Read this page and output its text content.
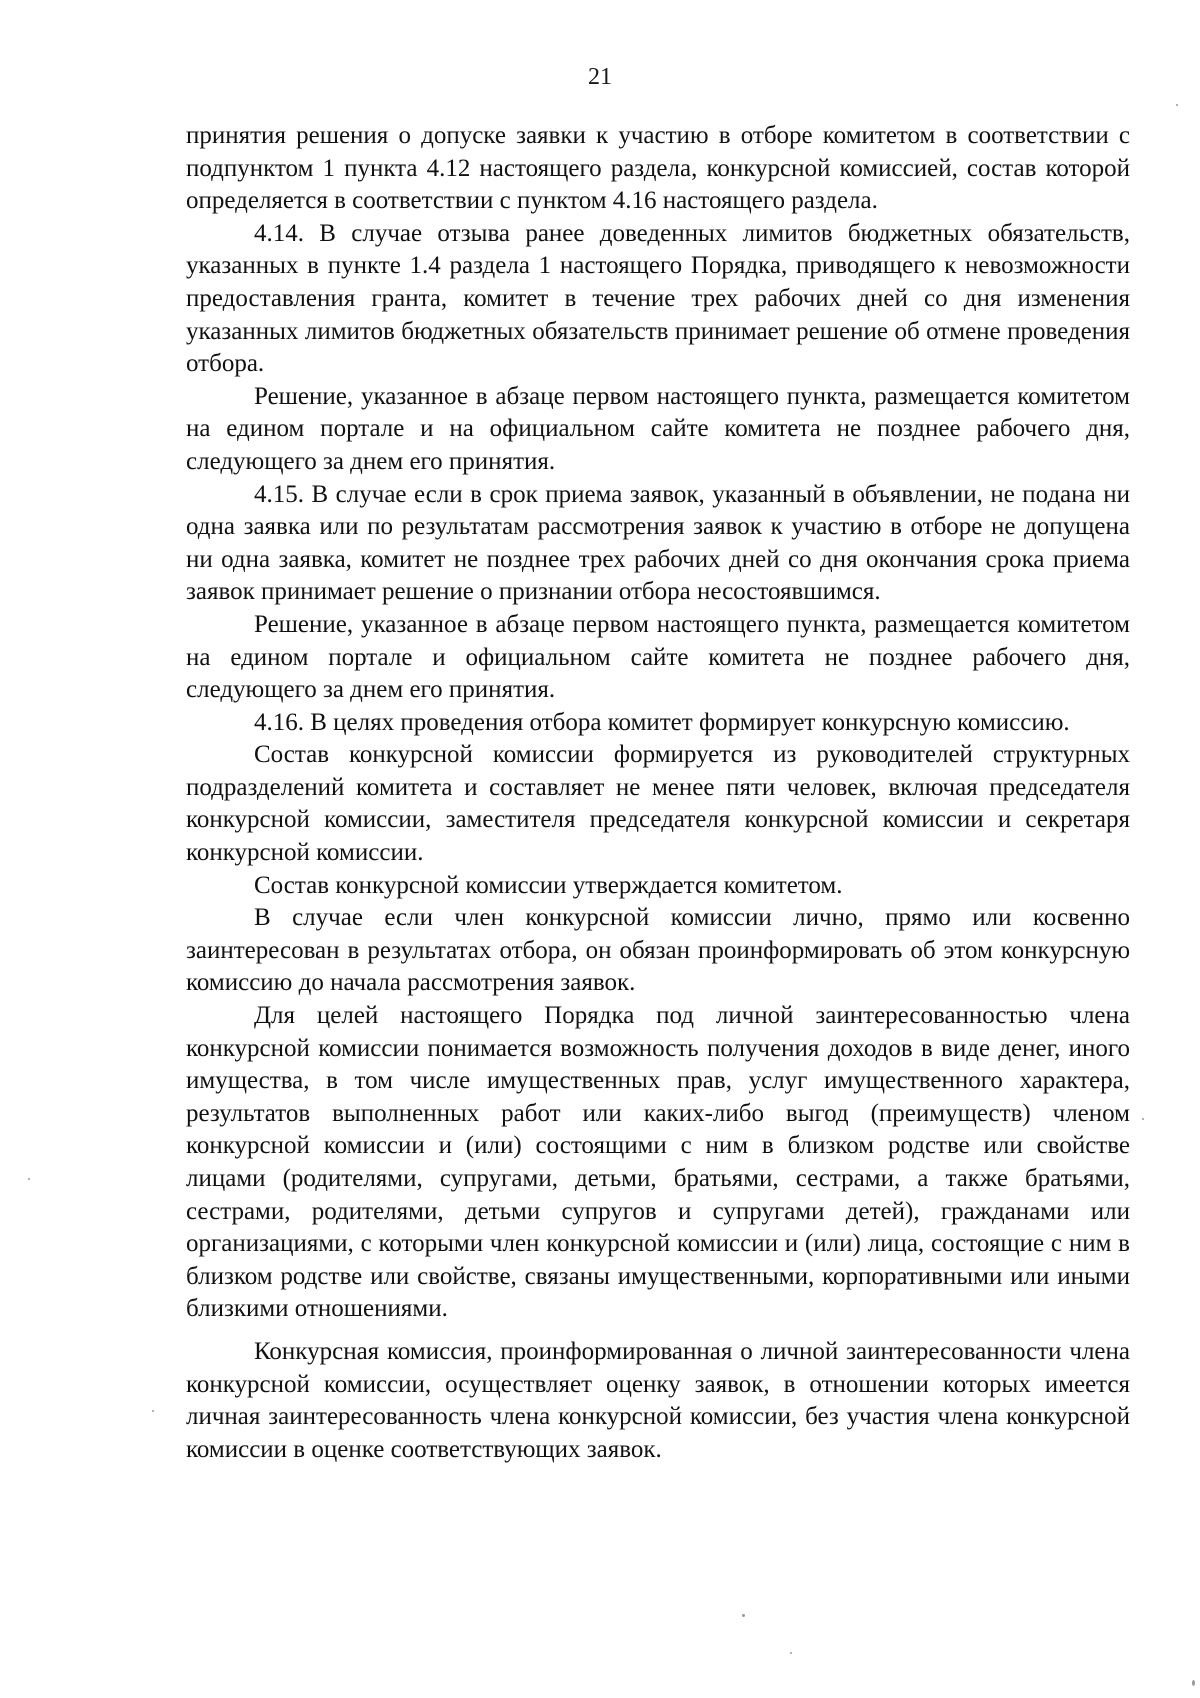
21

принятия решения о допуске заявки к участию в отборе комитетом в соответствии с подпунктом 1 пункта 4.12 настоящего раздела, конкурсной комиссией, состав которой определяется в соответствии с пунктом 4.16 настоящего раздела.

4.14. В случае отзыва ранее доведенных лимитов бюджетных обязательств, указанных в пункте 1.4 раздела 1 настоящего Порядка, приводящего к невозможности предоставления гранта, комитет в течение трех рабочих дней со дня изменения указанных лимитов бюджетных обязательств принимает решение об отмене проведения отбора.

Решение, указанное в абзаце первом настоящего пункта, размещается комитетом на едином портале и на официальном сайте комитета не позднее рабочего дня, следующего за днем его принятия.

4.15. В случае если в срок приема заявок, указанный в объявлении, не подана ни одна заявка или по результатам рассмотрения заявок к участию в отборе не допущена ни одна заявка, комитет не позднее трех рабочих дней со дня окончания срока приема заявок принимает решение о признании отбора несостоявшимся.

Решение, указанное в абзаце первом настоящего пункта, размещается комитетом на едином портале и официальном сайте комитета не позднее рабочего дня, следующего за днем его принятия.

4.16. В целях проведения отбора комитет формирует конкурсную комиссию.

Состав конкурсной комиссии формируется из руководителей структурных подразделений комитета и составляет не менее пяти человек, включая председателя конкурсной комиссии, заместителя председателя конкурсной комиссии и секретаря конкурсной комиссии.

Состав конкурсной комиссии утверждается комитетом.

В случае если член конкурсной комиссии лично, прямо или косвенно заинтересован в результатах отбора, он обязан проинформировать об этом конкурсную комиссию до начала рассмотрения заявок.

Для целей настоящего Порядка под личной заинтересованностью члена конкурсной комиссии понимается возможность получения доходов в виде денег, иного имущества, в том числе имущественных прав, услуг имущественного характера, результатов выполненных работ или каких-либо выгод (преимуществ) членом конкурсной комиссии и (или) состоящими с ним в близком родстве или свойстве лицами (родителями, супругами, детьми, братьями, сестрами, а также братьями, сестрами, родителями, детьми супругов и супругами детей), гражданами или организациями, с которыми член конкурсной комиссии и (или) лица, состоящие с ним в близком родстве или свойстве, связаны имущественными, корпоративными или иными близкими отношениями.

Конкурсная комиссия, проинформированная о личной заинтересованности члена конкурсной комиссии, осуществляет оценку заявок, в отношении которых имеется личная заинтересованность члена конкурсной комиссии, без участия члена конкурсной комиссии в оценке соответствующих заявок.
